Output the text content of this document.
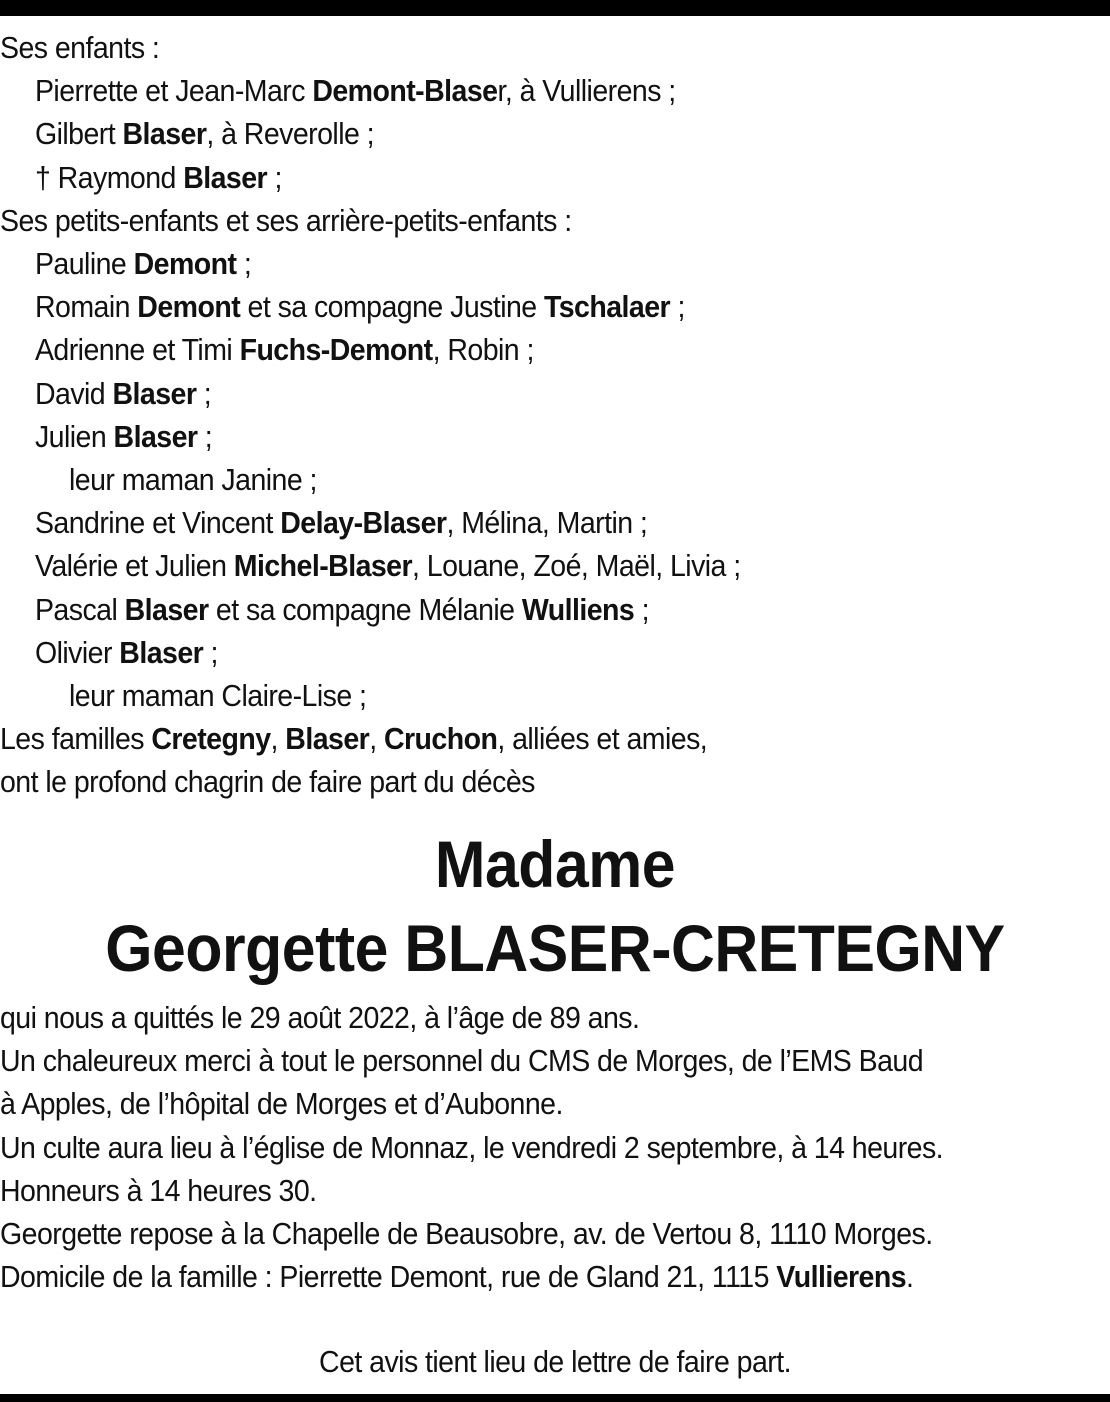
Ses enfants :
Pierrette et Jean-Marc Demont-Blaser, à Vullierens ;
Gilbert Blaser, à Reverolle ;
† Raymond Blaser ;
Ses petits-enfants et ses arrière-petits-enfants :
Pauline Demont ;
Romain Demont et sa compagne Justine Tschalaer ;
Adrienne et Timi Fuchs-Demont, Robin ;
David Blaser ;
Julien Blaser ;
leur maman Janine ;
Sandrine et Vincent Delay-Blaser, Mélina, Martin ;
Valérie et Julien Michel-Blaser, Louane, Zoé, Maël, Livia ;
Pascal Blaser et sa compagne Mélanie Wulliens ;
Olivier Blaser ;
leur maman Claire-Lise ;
Les familles Cretegny, Blaser, Cruchon, alliées et amies,
ont le profond chagrin de faire part du décès
Madame
Georgette BLASER-CRETEGNY
qui nous a quittés le 29 août 2022, à l’âge de 89 ans.
Un chaleureux merci à tout le personnel du CMS de Morges, de l’EMS Baud
à Apples, de l’hôpital de Morges et d’Aubonne.
Un culte aura lieu à l’église de Monnaz, le vendredi 2 septembre, à 14 heures.
Honneurs à 14 heures 30.
Georgette repose à la Chapelle de Beausobre, av. de Vertou 8, 1110 Morges.
Domicile de la famille : Pierrette Demont, rue de Gland 21, 1115 Vullierens.
Cet avis tient lieu de lettre de faire part.
